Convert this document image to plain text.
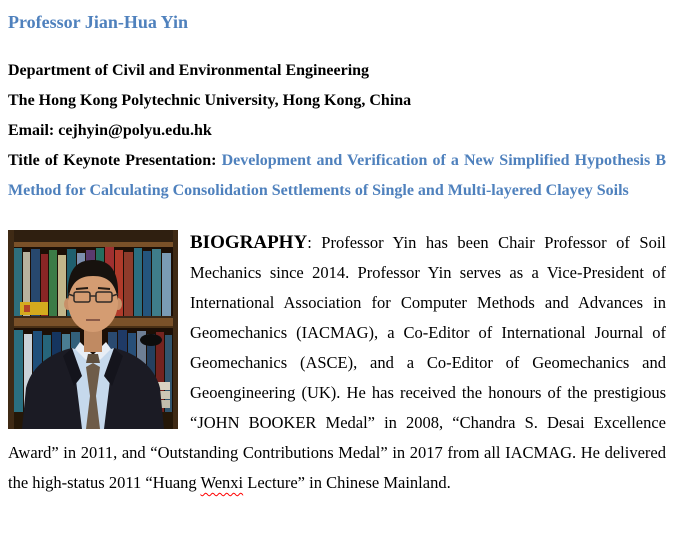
Professor Jian-Hua Yin

Department of Civil and Environmental Engineering

The Hong Kong Polytechnic University, Hong Kong, China

Email: cejhyin@polyu.edu.hk

Title of Keynote Presentation: Development and Verification of a New Simplified Hypothesis B Method for Calculating Consolidation Settlements of Single and Multi-layered Clayey Soils

BIOGRAPHY: Professor Yin has been Chair Professor of Soil Mechanics since 2014. Professor Yin serves as a Vice-President of International Association for Computer Methods and Advances in Geomechanics (IACMAG), a Co-Editor of International Journal of Geomechanics (ASCE), and a Co-Editor of Geomechanics and Geoengineering (UK). He has received the honours of the prestigious “JOHN BOOKER Medal” in 2008, “Chandra S. Desai Excellence Award” in 2011, and “Outstanding Contributions Medal” in 2017 from all IACMAG. He delivered the high-status 2011 “Huang Wenxi Lecture” in Chinese Mainland.
